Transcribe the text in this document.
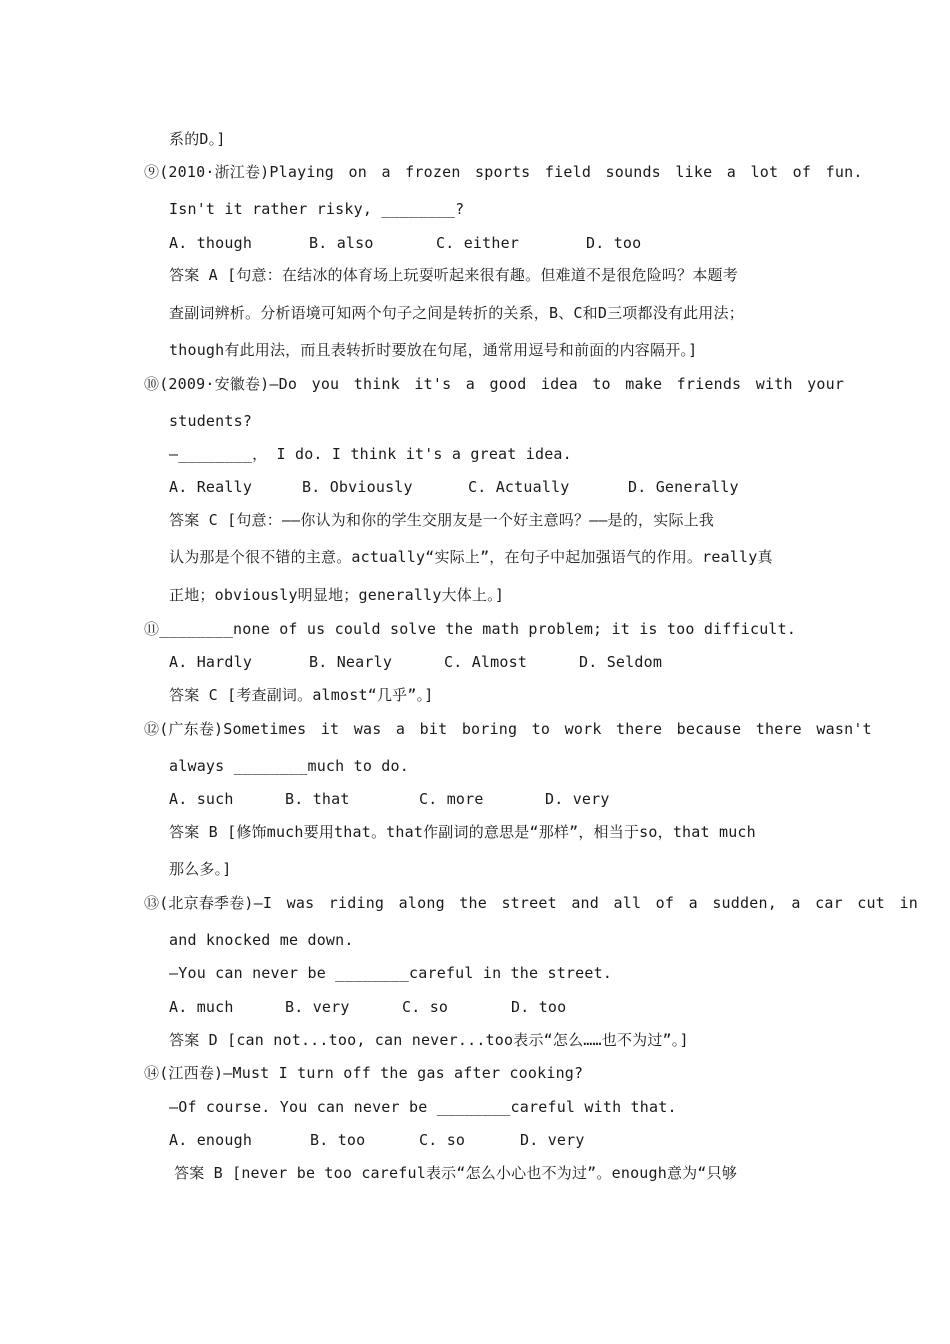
系的D。]
⑨(2010·浙江卷)Playing on a frozen sports field sounds like a lot of fun.
Isn't it rather risky, ________?
A. though	B. also	C. either	D. too
答案 A [句意：在结冰的体育场上玩耍听起来很有趣。但难道不是很危险吗？本题考
查副词辨析。分析语境可知两个句子之间是转折的关系，B、C和D三项都没有此用法；
though有此用法，而且表转折时要放在句尾，通常用逗号和前面的内容隔开。]
⑩(2009·安徽卷)—Do you think it's a good idea to make friends with your
students?
—________， I do. I think it's a great idea.
A. Really	B. Obviously	C. Actually	D. Generally
答案 C [句意：——你认为和你的学生交朋友是一个好主意吗？——是的，实际上我
认为那是个很不错的主意。actually“实际上”，在句子中起加强语气的作用。really真
正地；obviously明显地；generally大体上。]
⑪________none of us could solve the math problem; it is too difficult.
A. Hardly	B. Nearly	C. Almost	D. Seldom
答案 C [考查副词。almost“几乎”。]
⑫(广东卷)Sometimes it was a bit boring to work there because there wasn't
always ________much to do.
A. such	B. that	C. more	D. very
答案 B [修饰much要用that。that作副词的意思是“那样”，相当于so，that much
那么多。]
⑬(北京春季卷)—I was riding along the street and all of a sudden, a car cut in
and knocked me down.
—You can never be ________careful in the street.
A. much	B. very	C. so	D. too
答案 D [can not...too, can never...too表示“怎么……也不为过”。]
⑭(江西卷)—Must I turn off the gas after cooking?
—Of course. You can never be ________careful with that.
A. enough	B. too	C. so	D. very
答案 B [never be too careful表示“怎么小心也不为过”。enough意为“只够
